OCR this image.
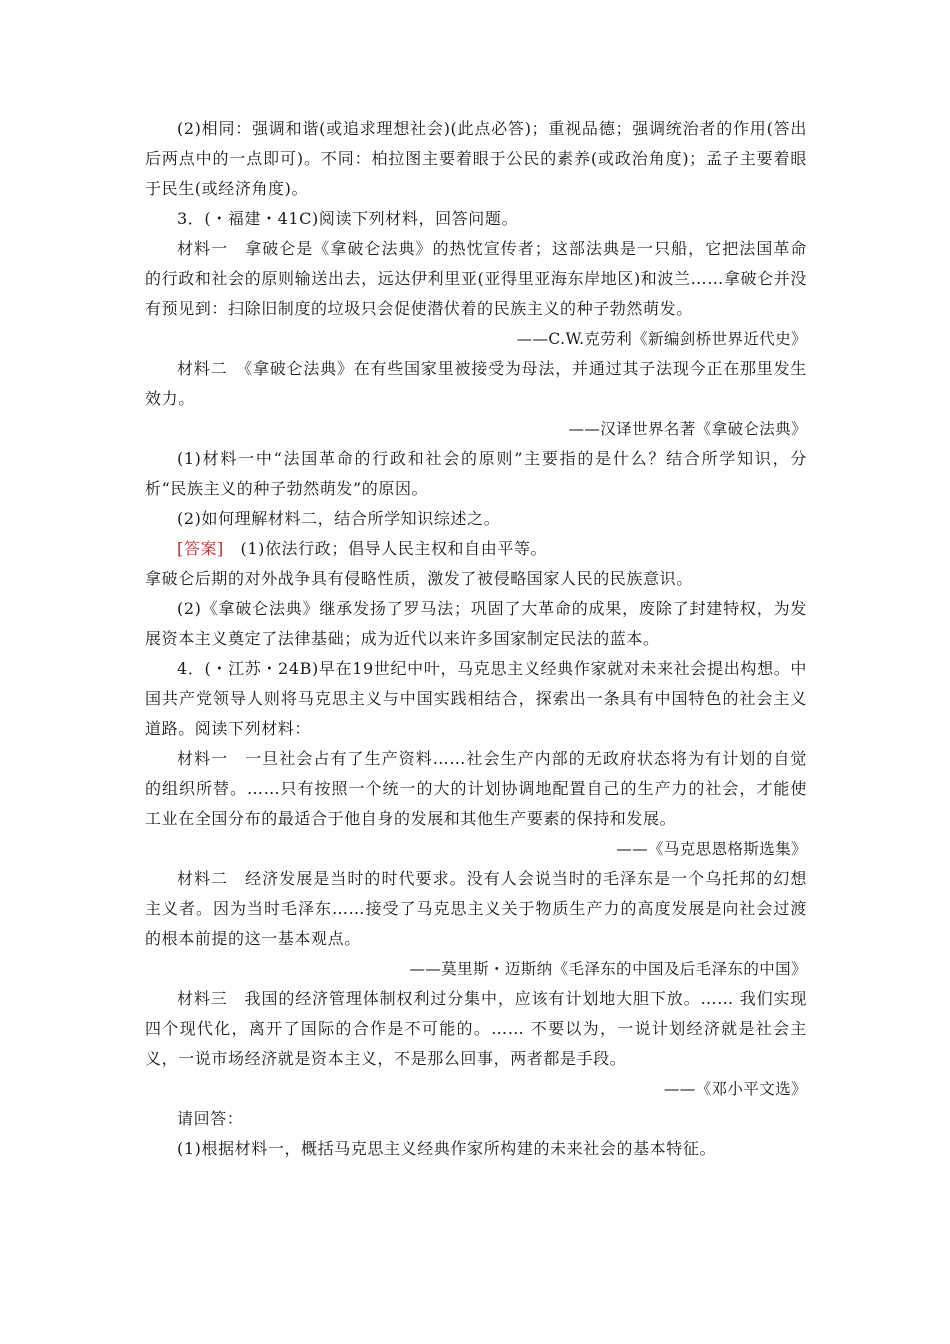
(2)相同：强调和谐(或追求理想社会)(此点必答)；重视品德；强调统治者的作用(答出后两点中的一点即可)。不同：柏拉图主要着眼于公民的素养(或政治角度)；孟子主要着眼于民生(或经济角度)。

3．(・福建・41C)阅读下列材料，回答问题。

材料一　拿破仑是《拿破仑法典》的热忱宣传者；这部法典是一只船，它把法国革命的行政和社会的原则输送出去，远达伊利里亚(亚得里亚海东岸地区)和波兰……拿破仑并没有预见到：扫除旧制度的垃圾只会促使潜伏着的民族主义的种子勃然萌发。

——C.W.克劳利《新编剑桥世界近代史》

材料二　《拿破仑法典》在有些国家里被接受为母法，并通过其子法现今正在那里发生效力。

——汉译世界名著《拿破仑法典》

(1)材料一中“法国革命的行政和社会的原则”主要指的是什么？结合所学知识，分析“民族主义的种子勃然萌发”的原因。

(2)如何理解材料二，结合所学知识综述之。

[答案]　(1)依法行政；倡导人民主权和自由平等。

拿破仑后期的对外战争具有侵略性质，激发了被侵略国家人民的民族意识。

(2)《拿破仑法典》继承发扬了罗马法；巩固了大革命的成果，废除了封建特权，为发展资本主义奠定了法律基础；成为近代以来许多国家制定民法的蓝本。

4．(・江苏・24B)早在19世纪中叶，马克思主义经典作家就对未来社会提出构想。中国共产党领导人则将马克思主义与中国实践相结合，探索出一条具有中国特色的社会主义道路。阅读下列材料：

材料一　一旦社会占有了生产资料……社会生产内部的无政府状态将为有计划的自觉的组织所替。……只有按照一个统一的大的计划协调地配置自己的生产力的社会，才能使工业在全国分布的最适合于他自身的发展和其他生产要素的保持和发展。

——《马克思恩格斯选集》

材料二　经济发展是当时的时代要求。没有人会说当时的毛泽东是一个乌托邦的幻想主义者。因为当时毛泽东……接受了马克思主义关于物质生产力的高度发展是向社会过渡的根本前提的这一基本观点。

——莫里斯・迈斯纳《毛泽东的中国及后毛泽东的中国》

材料三　我国的经济管理体制权利过分集中，应该有计划地大胆下放。…… 我们实现四个现代化，离开了国际的合作是不可能的。…… 不要以为，一说计划经济就是社会主义，一说市场经济就是资本主义，不是那么回事，两者都是手段。

——《邓小平文选》

请回答：

(1)根据材料一，概括马克思主义经典作家所构建的未来社会的基本特征。
